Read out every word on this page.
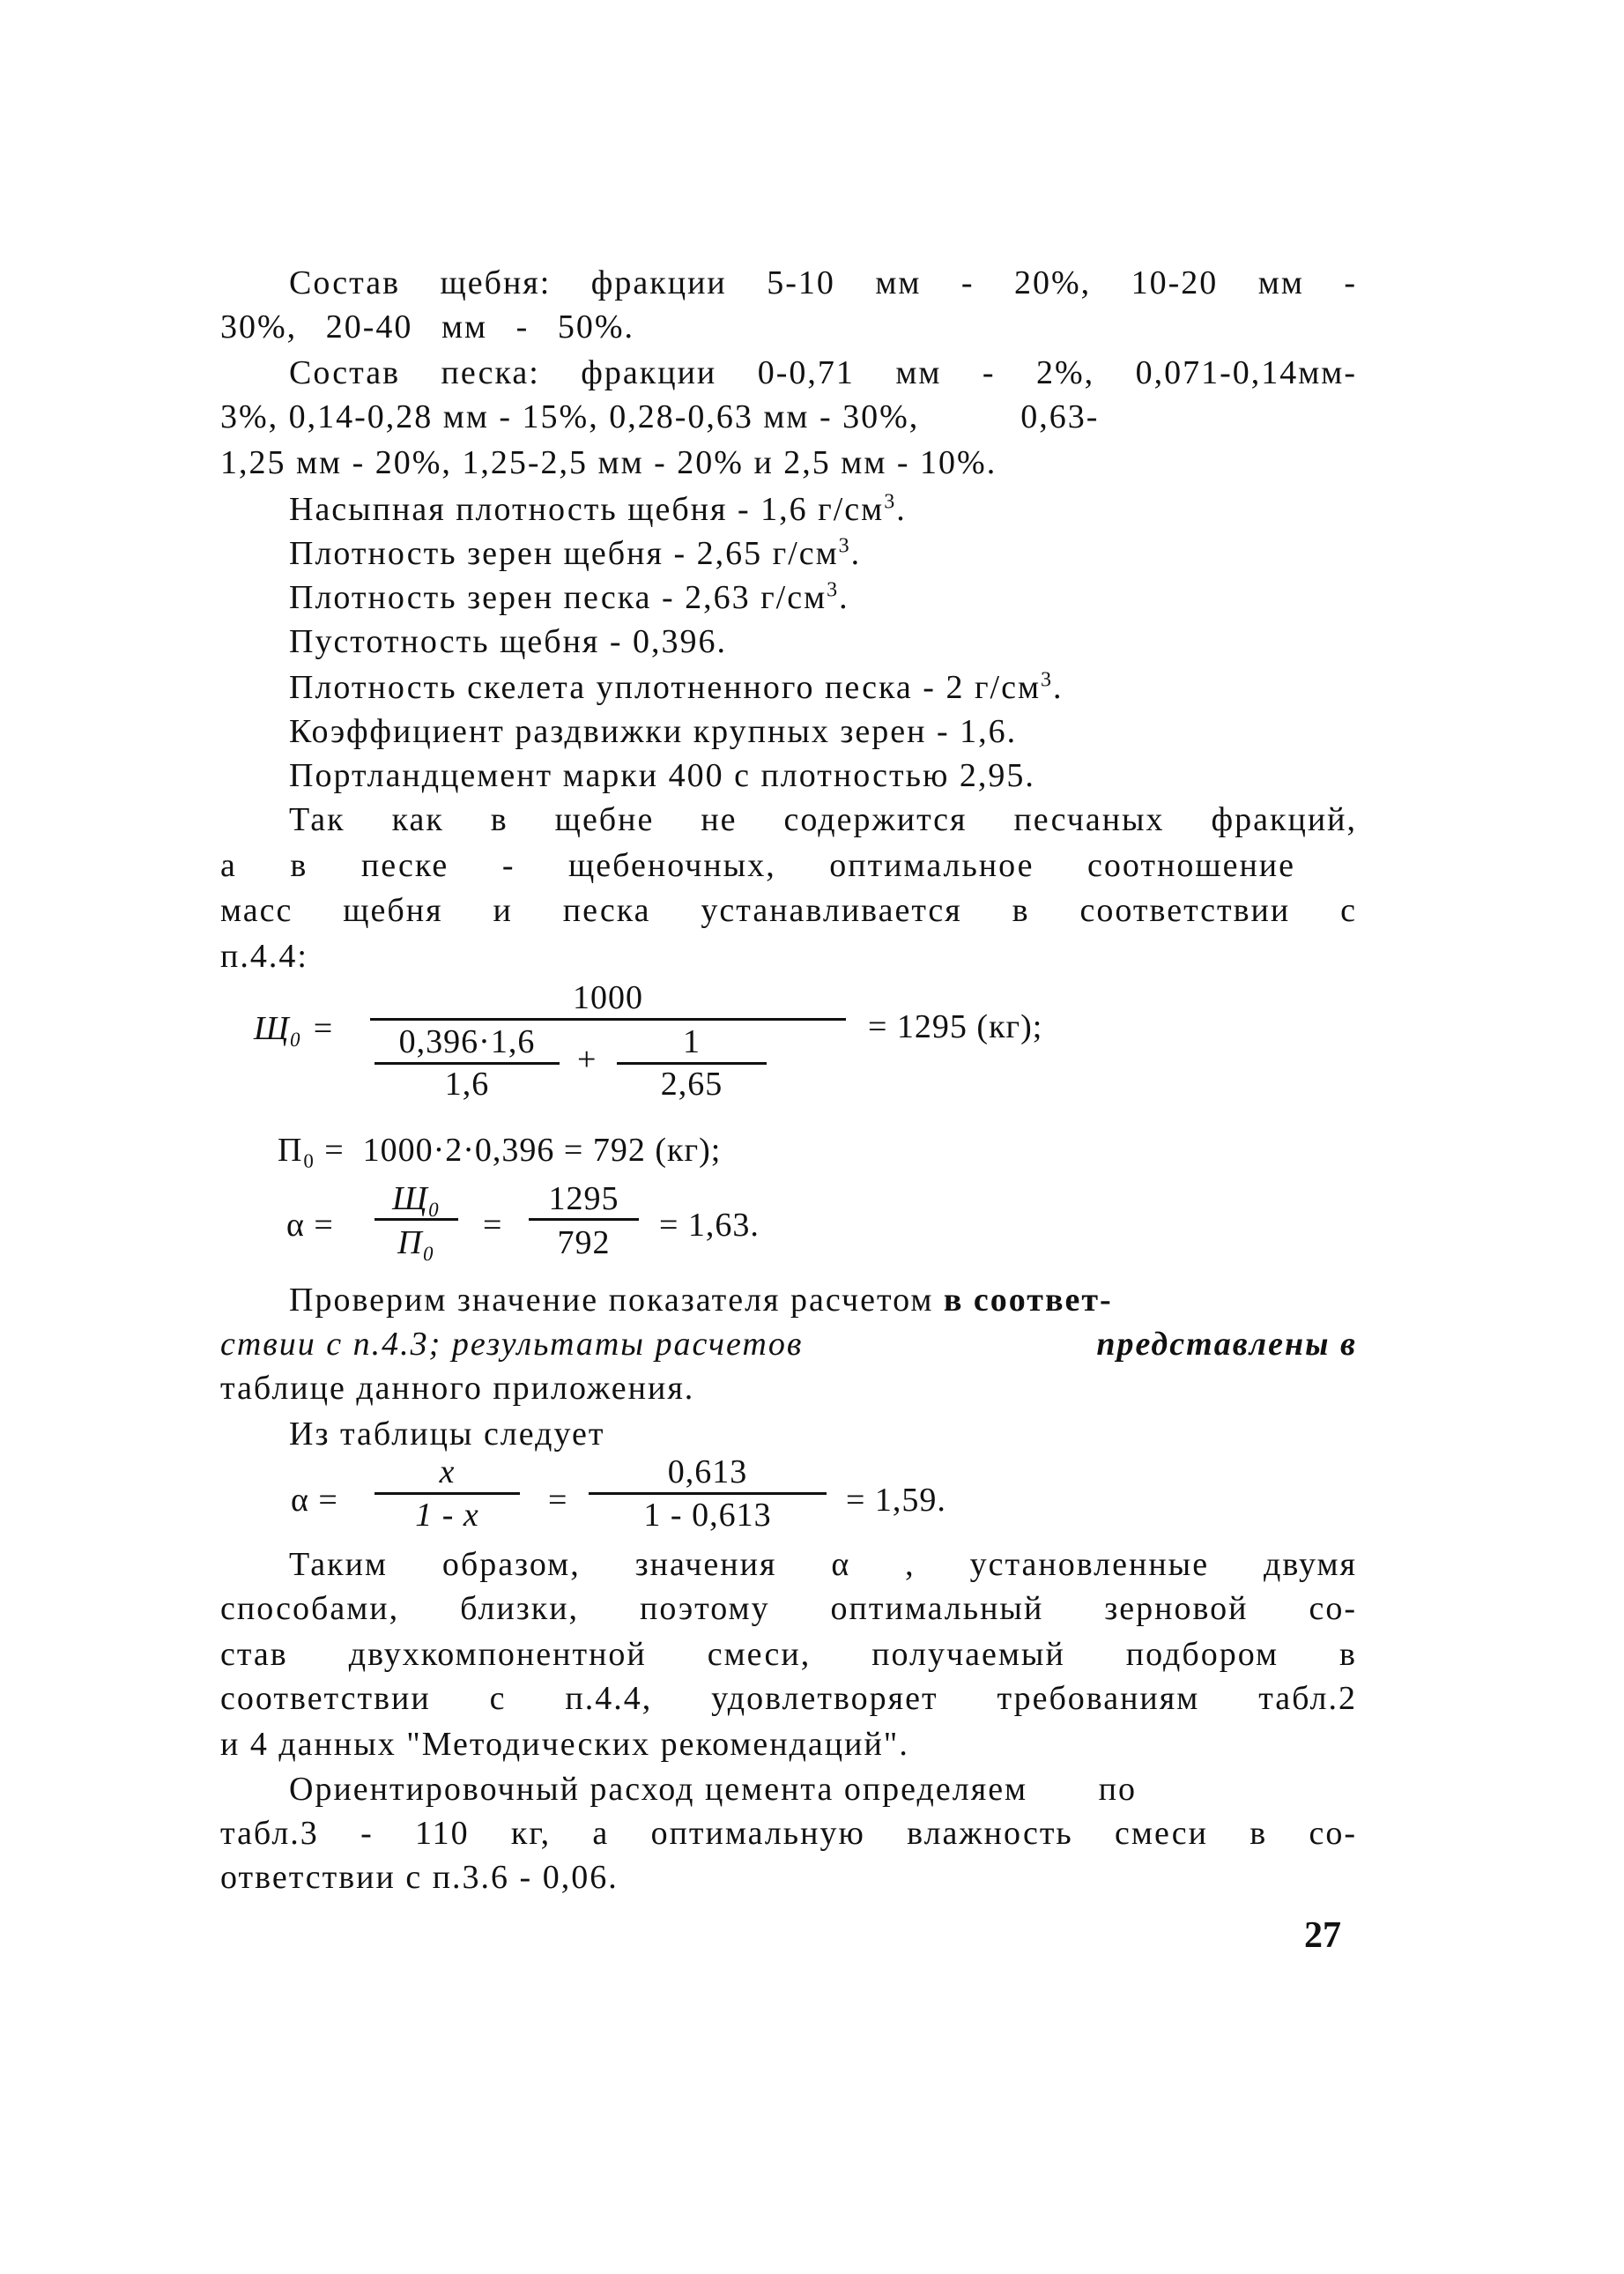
Состав щебня: фракции 5-10 мм - 20%, 10-20 мм -
30%, 20-40 мм - 50%.
Состав песка: фракции 0-0,71 мм - 2%, 0,071-0,14мм-
3%, 0,14-0,28 мм - 15%, 0,28-0,63 мм - 30%,          0,63-
1,25 мм - 20%, 1,25-2,5 мм - 20% и 2,5 мм - 10%.
Насыпная плотность щебня - 1,6 $г/см^3$.
Плотность зерен щебня - 2,65 $г/см^3$.
Плотность зерен песка - 2,63 $г/см^3$.
Пустотность щебня - 0,396.
Плотность скелета уплотненного песка - 2 $г/см^3$.
Коэффициент раздвижки крупных зерен - 1,6.
Портландцемент марки 400 с плотностью 2,95.
Так как в щебне не содержится песчаных фракций,
а в песке - щебеночных, оптимальное соотношение
масс щебня и песка устанавливается в соответствии с
п.4.4:
Щ₀ =
1000
0,396·1,6
1,6
+	1
2,65
= 1295 (кг);
П₀ =  1000·2·0,396 = 792 (кг);
α =
Щ₀
П₀	=
1295
792	= 1,63.
Проверим значение показателя расчетом в соответ-
ствии с п.4.3; результаты расчетов	представлены в
таблице данного приложения.
Из таблицы следует
α =
x
1 - x	=
0,613
1 - 0,613	= 1,59.
Таким образом, значения α , установленные двумя
способами, близки, поэтому оптимальный зерновой со-
став двухкомпонентной смеси, получаемый подбором в
соответствии с п.4.4, удовлетворяет требованиям табл.2
и 4 данных "Методических рекомендаций".
Ориентировочный расход цемента определяем       по
табл.3 - 110 кг, а оптимальную влажность смеси в со-
ответствии с п.3.6 - 0,06.
27
